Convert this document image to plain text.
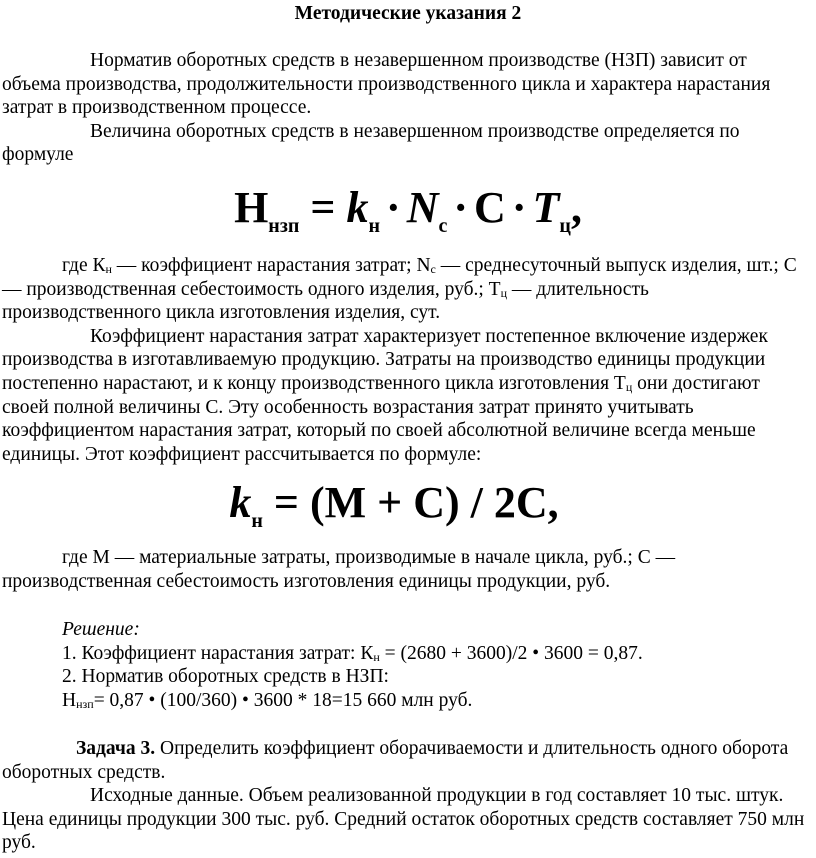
Методические указания 2

Норматив оборотных средств в незавершенном производстве (НЗП) зависит от объема производства, продолжительности производственного цикла и характера нарастания затрат в производственном процессе.

Величина оборотных средств в незавершенном производстве определяется по формуле

$Н_{нзп} = k_н \cdot N_с \cdot С \cdot Т_ц$,

где $К_н$ — коэффициент нарастания затрат; $N_с$ — среднесуточный выпуск изделия, шт.; С — производственная себестоимость одного изделия, руб.; $Т_ц$ — длительность производственного цикла изготовления изделия, сут.

Коэффициент нарастания затрат характеризует постепенное включение издержек производства в изготавливаемую продукцию. Затраты на производство единицы продукции постепенно нарастают, и к концу производственного цикла изготовления $Т_ц$ они достигают своей полной величины С. Эту особенность возрастания затрат принято учитывать коэффициентом нарастания затрат, который по своей абсолютной величине всегда меньше единицы. Этот коэффициент рассчитывается по формуле:

$k_н = (М + С) / 2С$,

где М — материальные затраты, производимые в начале цикла, руб.; С — производственная себестоимость изготовления единицы продукции, руб.

Решение:

1. Коэффициент нарастания затрат: $К_н = (2680 + 3600)/2$ • 3600 = 0,87.

2. Норматив оборотных средств в НЗП:

$Н_{нзп}= 0,87$ • (100/360) • 3600 * 18=15 660 млн руб.

Задача 3. Определить коэффициент оборачиваемости и длительность одного оборота оборотных средств.

Исходные данные. Объем реализованной продукции в год составляет 10 тыс. штук. Цена единицы продукции 300 тыс. руб. Средний остаток оборотных средств составляет 750 млн руб.
